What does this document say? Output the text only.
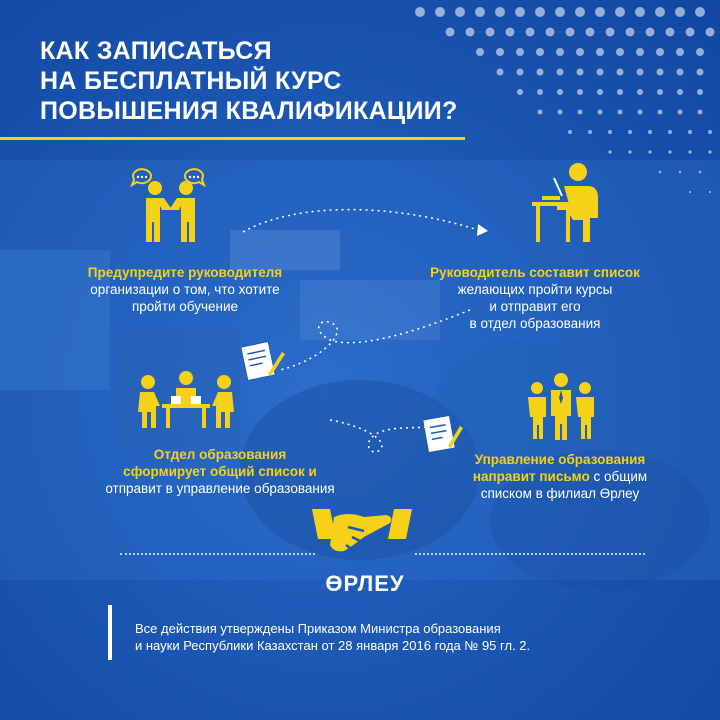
КАК ЗАПИСАТЬСЯ
НА БЕСПЛАТНЫЙ КУРС
ПОВЫШЕНИЯ КВАЛИФИКАЦИИ?
Предупредите руководителя
организации о том, что хотите
пройти обучение
Руководитель составит список
желающих пройти курсы
и отправит его
в отдел образования
Отдел образования
сформирует общий список и
отправит в управление образования
Управление образования
направит письмо с общим
списком в филиал Өрлеу
ӨРЛЕУ
Все действия утверждены Приказом Министра образования
и науки Республики Казахстан от 28 января 2016 года № 95 гл. 2.
